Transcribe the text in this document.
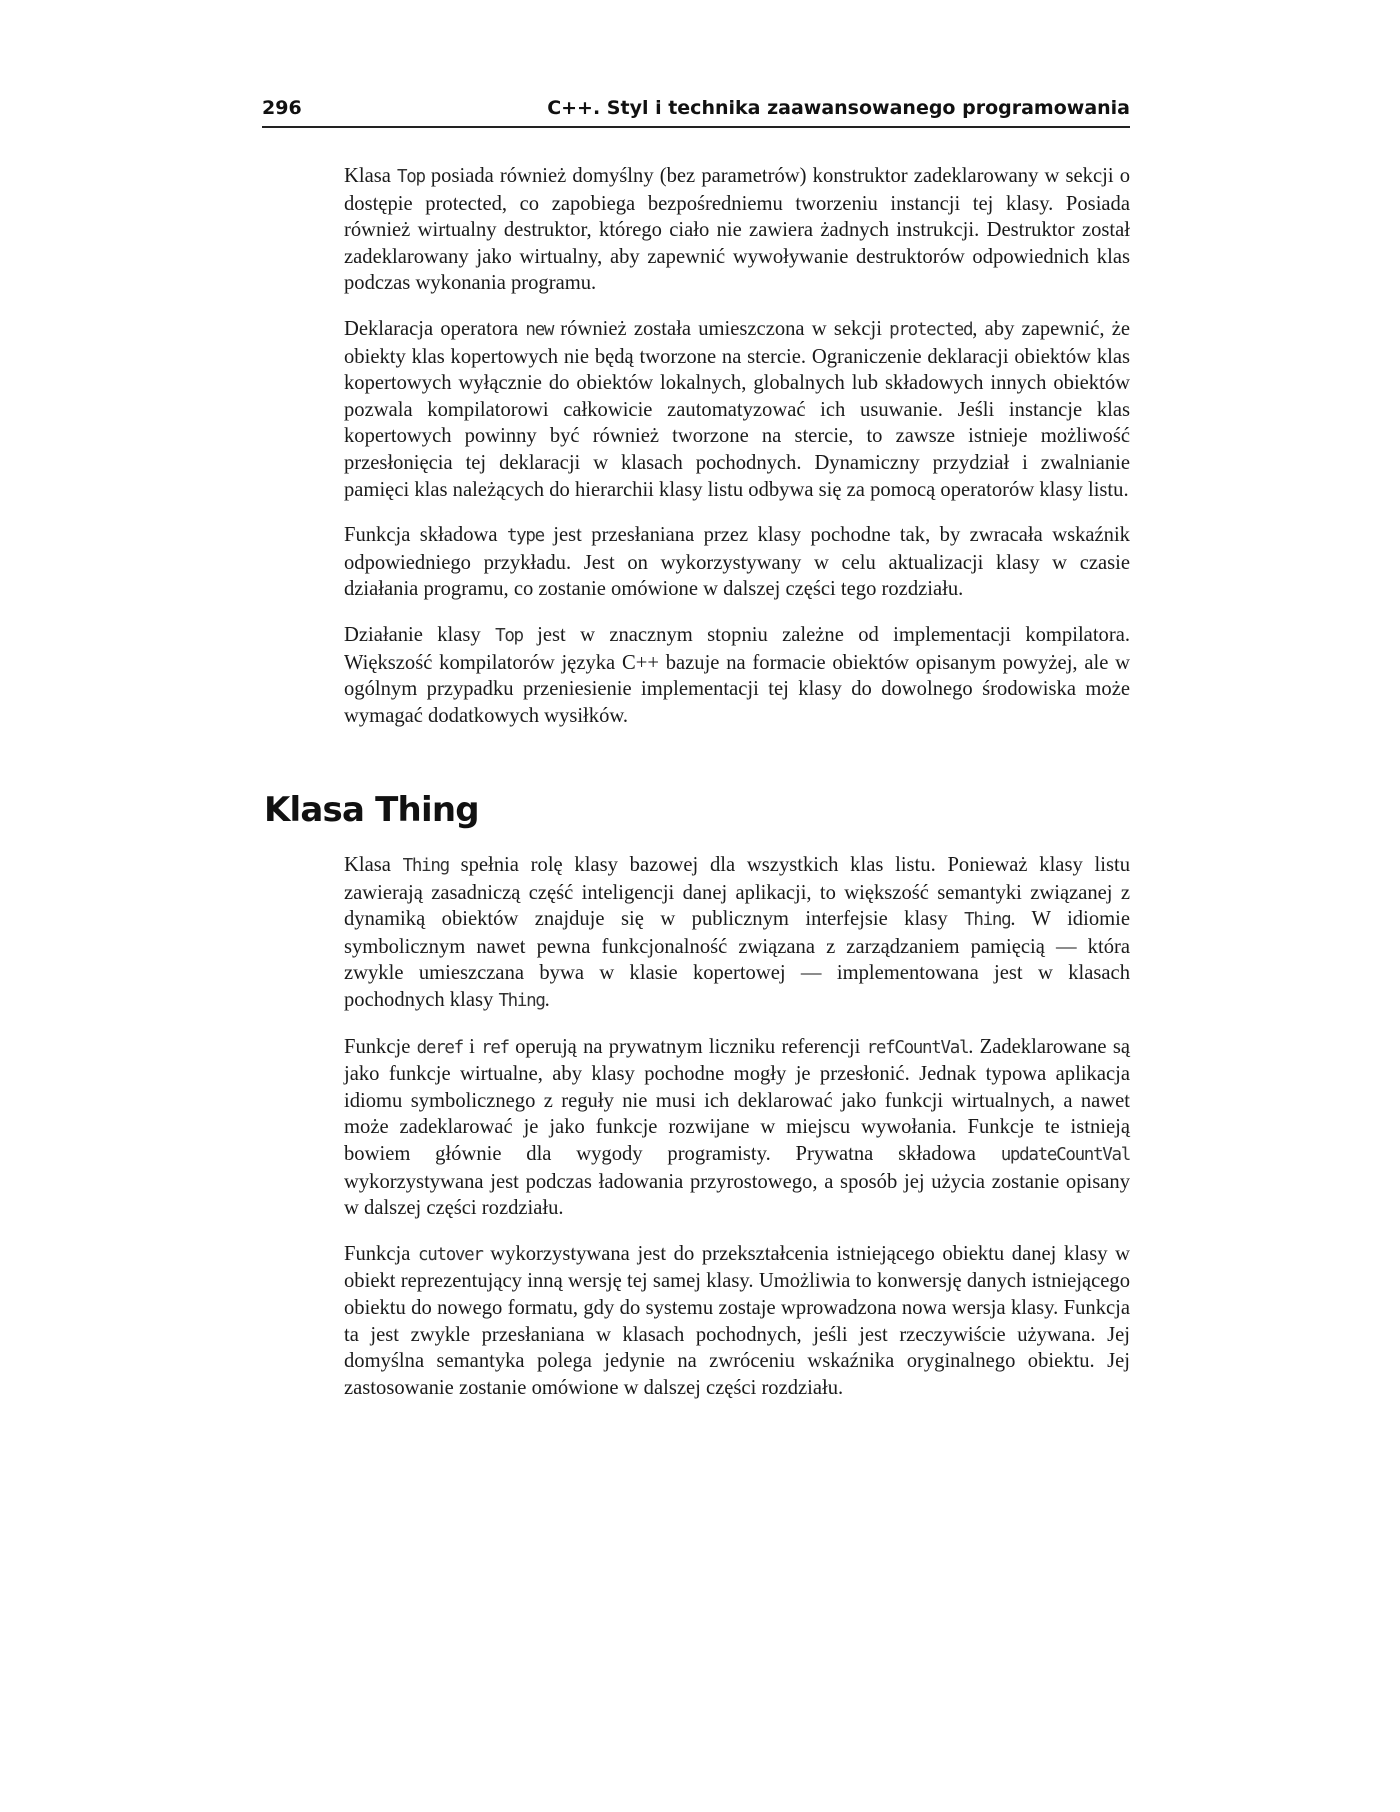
296	C++. Styl i technika zaawansowanego programowania

Klasa Top posiada również domyślny (bez parametrów) konstruktor zadeklarowany w sekcji o dostępie protected, co zapobiega bezpośredniemu tworzeniu instancji tej klasy. Posiada również wirtualny destruktor, którego ciało nie zawiera żadnych instrukcji. Destruktor został zadeklarowany jako wirtualny, aby zapewnić wywoływanie destruktorów odpowiednich klas podczas wykonania programu.

Deklaracja operatora new również została umieszczona w sekcji protected, aby zapewnić, że obiekty klas kopertowych nie będą tworzone na stercie. Ograniczenie deklaracji obiektów klas kopertowych wyłącznie do obiektów lokalnych, globalnych lub składowych innych obiektów pozwala kompilatorowi całkowicie zautomatyzować ich usuwanie. Jeśli instancje klas kopertowych powinny być również tworzone na stercie, to zawsze istnieje możliwość przesłonięcia tej deklaracji w klasach pochodnych. Dynamiczny przydział i zwalnianie pamięci klas należących do hierarchii klasy listu odbywa się za pomocą operatorów klasy listu.

Funkcja składowa type jest przesłaniana przez klasy pochodne tak, by zwracała wskaźnik odpowiedniego przykładu. Jest on wykorzystywany w celu aktualizacji klasy w czasie działania programu, co zostanie omówione w dalszej części tego rozdziału.

Działanie klasy Top jest w znacznym stopniu zależne od implementacji kompilatora. Większość kompilatorów języka C++ bazuje na formacie obiektów opisanym powyżej, ale w ogólnym przypadku przeniesienie implementacji tej klasy do dowolnego środowiska może wymagać dodatkowych wysiłków.

Klasa Thing

Klasa Thing spełnia rolę klasy bazowej dla wszystkich klas listu. Ponieważ klasy listu zawierają zasadniczą część inteligencji danej aplikacji, to większość semantyki związanej z dynamiką obiektów znajduje się w publicznym interfejsie klasy Thing. W idiomie symbolicznym nawet pewna funkcjonalność związana z zarządzaniem pamięcią — która zwykle umieszczana bywa w klasie kopertowej — implementowana jest w klasach pochodnych klasy Thing.

Funkcje deref i ref operują na prywatnym liczniku referencji refCountVal. Zadeklarowane są jako funkcje wirtualne, aby klasy pochodne mogły je przesłonić. Jednak typowa aplikacja idiomu symbolicznego z reguły nie musi ich deklarować jako funkcji wirtualnych, a nawet może zadeklarować je jako funkcje rozwijane w miejscu wywołania. Funkcje te istnieją bowiem głównie dla wygody programisty. Prywatna składowa updateCountVal wykorzystywana jest podczas ładowania przyrostowego, a sposób jej użycia zostanie opisany w dalszej części rozdziału.

Funkcja cutover wykorzystywana jest do przekształcenia istniejącego obiektu danej klasy w obiekt reprezentujący inną wersję tej samej klasy. Umożliwia to konwersję danych istniejącego obiektu do nowego formatu, gdy do systemu zostaje wprowadzona nowa wersja klasy. Funkcja ta jest zwykle przesłaniana w klasach pochodnych, jeśli jest rzeczywiście używana. Jej domyślna semantyka polega jedynie na zwróceniu wskaźnika oryginalnego obiektu. Jej zastosowanie zostanie omówione w dalszej części rozdziału.
